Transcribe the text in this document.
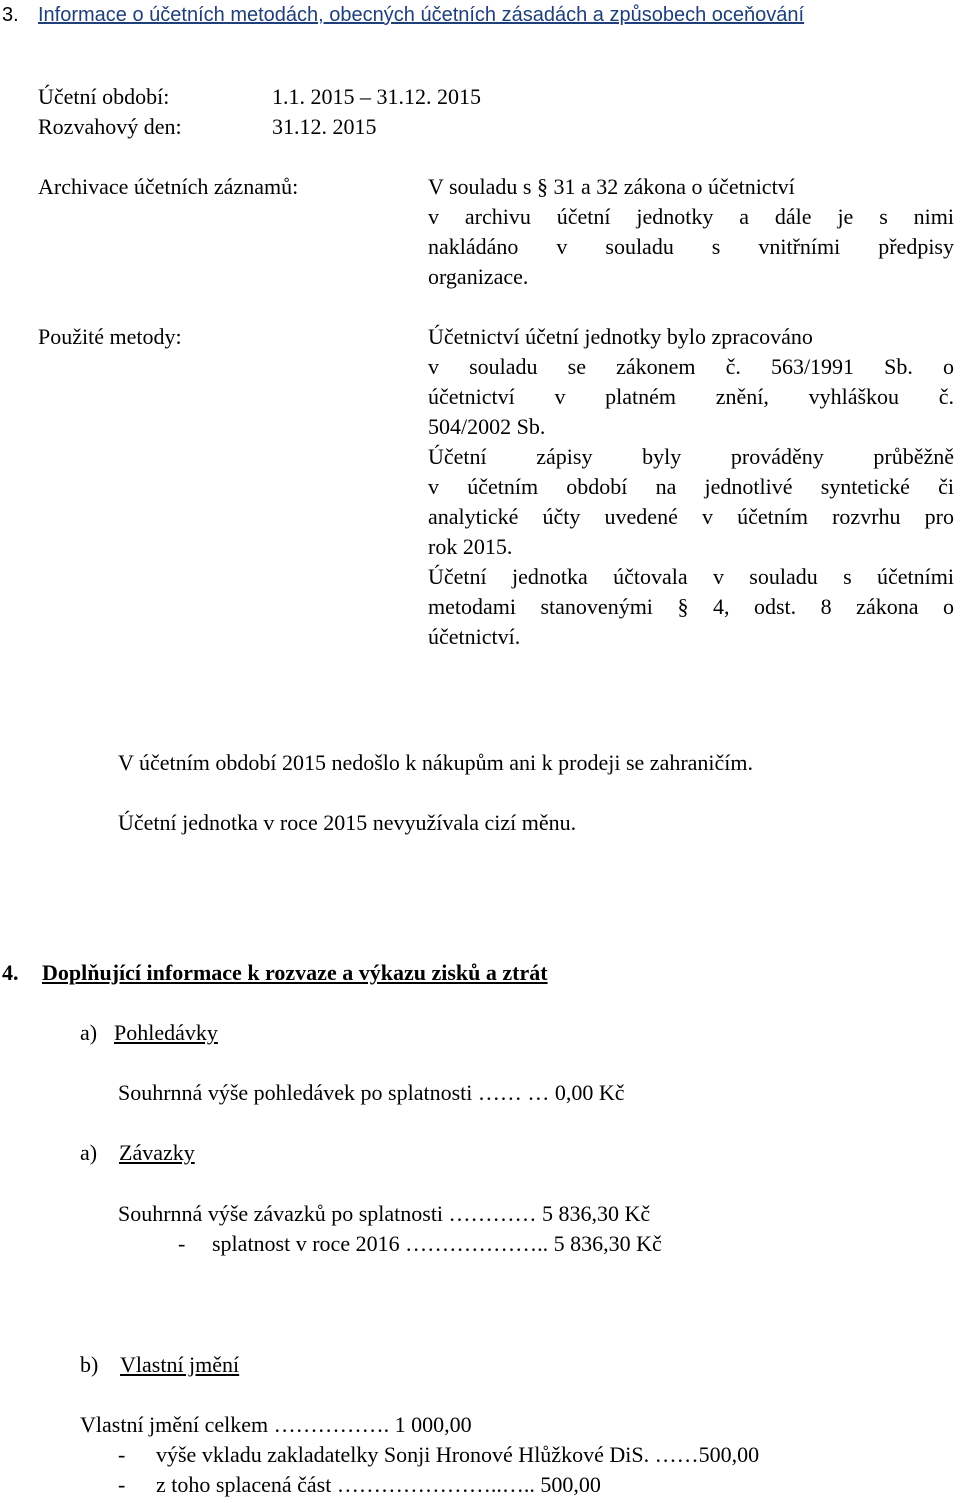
3. Informace o účetních metodách, obecných účetních zásadách a způsobech oceňování
Účetní období:	1.1. 2015 – 31.12. 2015
Rozvahový den:	31.12. 2015
Archivace účetních záznamů:	V souladu s § 31 a 32 zákona o účetnictví
v archivu účetní jednotky a dále je s nimi
nakládáno v souladu s vnitřními předpisy
organizace.
Použité metody:	Účetnictví účetní jednotky bylo zpracováno
v souladu se zákonem č. 563/1991 Sb. o
účetnictví v platném znění, vyhláškou č.
504/2002 Sb.
Účetní zápisy byly prováděny průběžně
v účetním období na jednotlivé syntetické či
analytické účty uvedené v účetním rozvrhu pro
rok 2015.
Účetní jednotka účtovala v souladu s účetními
metodami stanovenými § 4, odst. 8 zákona o
účetnictví.
V účetním období 2015 nedošlo k nákupům ani k prodeji se zahraničím.
Účetní jednotka v roce 2015 nevyužívala cizí měnu.
4. Doplňující informace k rozvaze a výkazu zisků a ztrát
a) Pohledávky
Souhrnná výše pohledávek po splatnosti …… … 0,00 Kč
a) Závazky
Souhrnná výše závazků po splatnosti ………… 5 836,30 Kč
- splatnost v roce 2016 ……………….. 5 836,30 Kč
b) Vlastní jmění
Vlastní jmění celkem ……………. 1 000,00
- výše vkladu zakladatelky Sonji Hronové Hlůžkové DiS. ……500,00
- z toho splacená část …………………..….. 500,00
